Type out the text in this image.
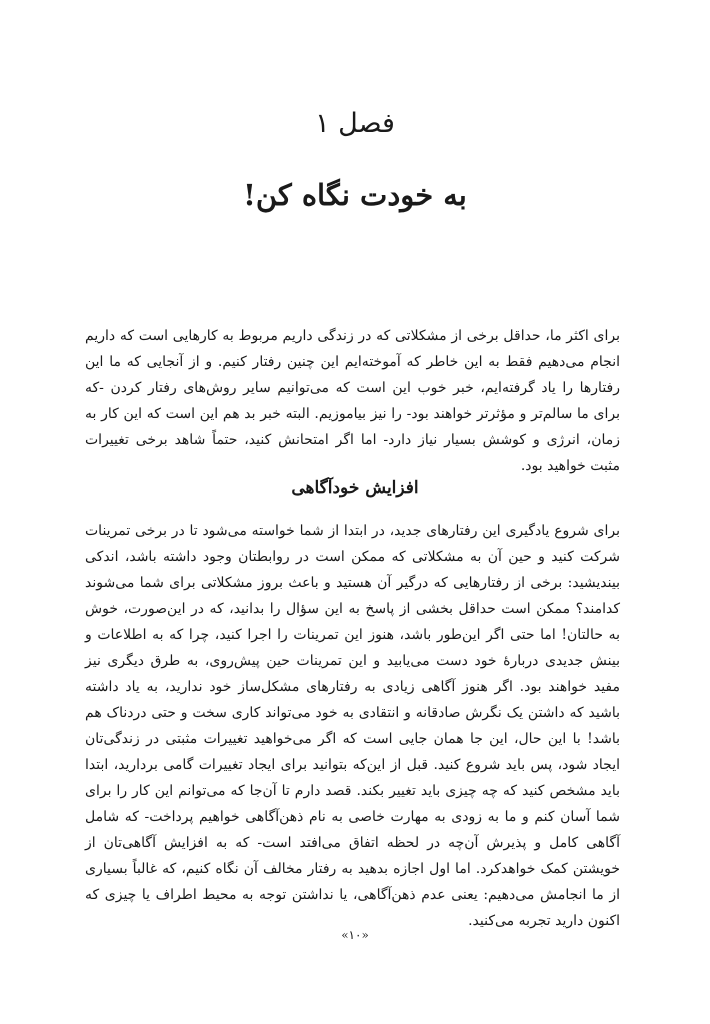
فصل ۱
به خودت نگاه کن!

برای اکثر ما، حداقل برخی از مشکلاتی که در زندگی داریم مربوط به کارهایی است که داریم انجام می‌دهیم فقط به این خاطر که آموخته‌ایم این چنین رفتار کنیم. و از آنجایی که ما این رفتارها را یاد گرفته‌ایم، خبر خوب این است که می‌توانیم سایر روش‌های رفتار کردن -که برای ما سالم‌تر و مؤثرتر خواهند بود- را نیز بیاموزیم. البته خبر بد هم این است که این کار به زمان، انرژی و کوشش بسیار نیاز دارد- اما اگر امتحانش کنید، حتماً شاهد برخی تغییرات مثبت خواهید بود.

افزایش خودآگاهی

برای شروع یادگیری این رفتارهای جدید، در ابتدا از شما خواسته می‌شود تا در برخی تمرینات شرکت کنید و حین آن به مشکلاتی که ممکن است در روابطتان وجود داشته باشد، اندکی بیندیشید: برخی از رفتارهایی که درگیر آن هستید و باعث بروز مشکلاتی برای شما می‌شوند کدامند؟ ممکن است حداقل بخشی از پاسخ به این سؤال را بدانید، که در این‌صورت، خوش به حالتان! اما حتی اگر این‌طور باشد، هنوز این تمرینات را اجرا کنید، چرا که به اطلاعات و بینش جدیدی دربارهٔ خود دست می‌یابید و این تمرینات حین پیش‌روی، به طرق دیگری نیز مفید خواهند بود. اگر هنوز آگاهی زیادی به رفتارهای مشکل‌ساز خود ندارید، به یاد داشته باشید که داشتن یک نگرش صادقانه و انتقادی به خود می‌تواند کاری سخت و حتی دردناک هم باشد! با این حال، این جا همان جایی است که اگر می‌خواهید تغییرات مثبتی در زندگی‌تان ایجاد شود، پس باید شروع کنید. قبل از این‌که بتوانید برای ایجاد تغییرات گامی بردارید، ابتدا باید مشخص کنید که چه چیزی باید تغییر بکند. قصد دارم تا آن‌جا که می‌توانم این کار را برای شما آسان کنم و ما به زودی به مهارت خاصی به نام ذهن‌آگاهی خواهیم پرداخت- که شامل آگاهی کامل و پذیرش آن‌چه در لحظه اتفاق می‌افتد است- که به افزایش آگاهی‌تان از خویشتن کمک خواهدکرد. اما اول اجازه بدهید به رفتار مخالف آن نگاه کنیم، که غالباً بسیاری از ما انجامش می‌دهیم: یعنی عدم ذهن‌آگاهی، یا نداشتن توجه به محیط اطراف یا چیزی که اکنون دارید تجربه می‌کنید.

«۱۰»
